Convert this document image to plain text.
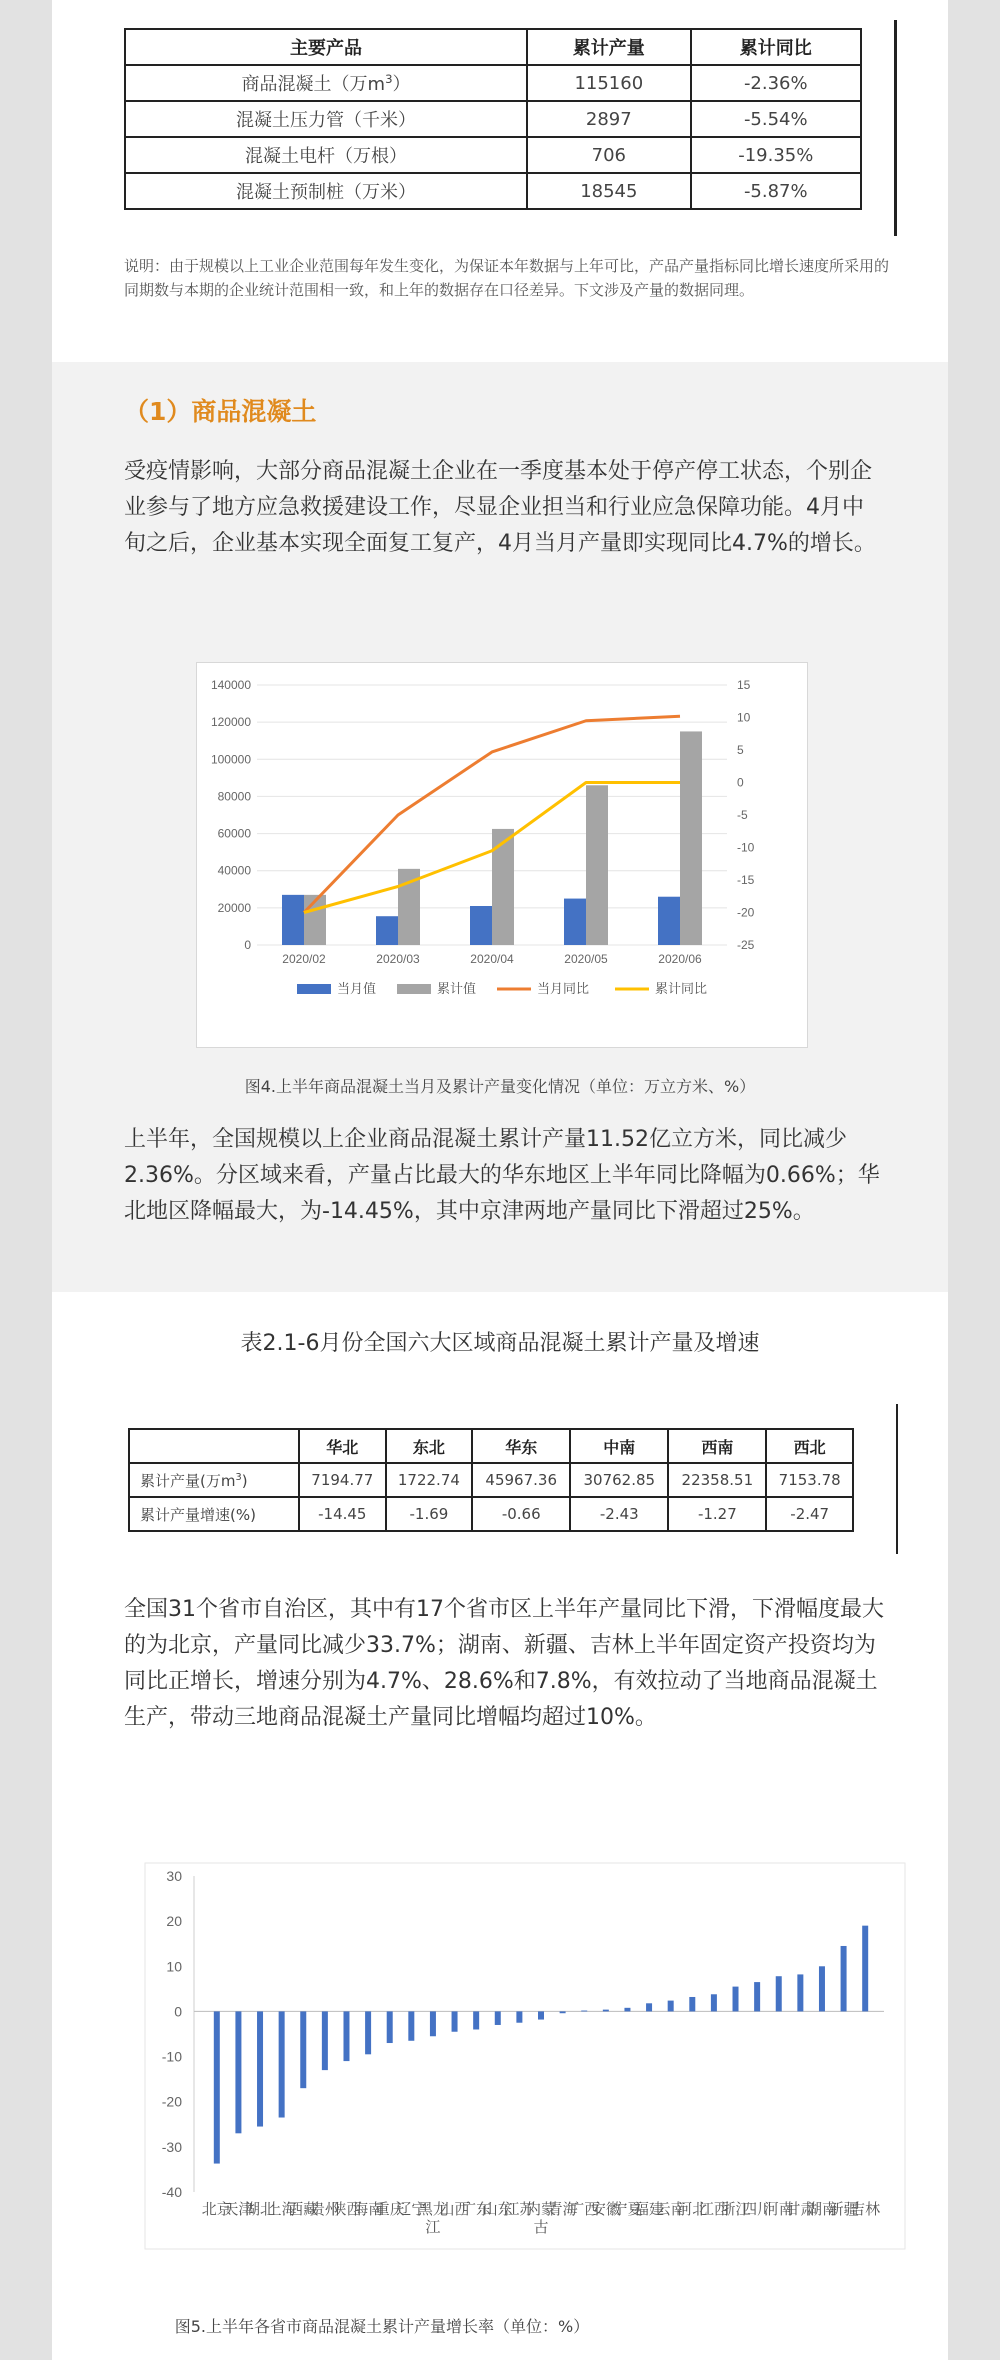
主要产品	累计产量	累计同比
商品混凝土（万$m^3$）	115160	-2.36%
混凝土压力管（千米）	2897	-5.54%
混凝土电杆（万根）	706	-19.35%
混凝土预制桩（万米）	18545	-5.87%
说明：由于规模以上工业企业范围每年发生变化，为保证本年数据与上年可比，产品产量指标同比增长速度所采用的同期数与本期的企业统计范围相一致，和上年的数据存在口径差异。下文涉及产量的数据同理。
（1）商品混凝土
受疫情影响，大部分商品混凝土企业在一季度基本处于停产停工状态，个别企业参与了地方应急救援建设工作，尽显企业担当和行业应急保障功能。4月中旬之后，企业基本实现全面复工复产，4月当月产量即实现同比4.7%的增长。
140000
120000
100000
80000
60000
40000
20000
0
15
10
5
0
-5
-10
-15
-20
-25
2020/02	2020/03	2020/04	2020/05	2020/06
当月值	累计值	当月同比	累计同比
图4.上半年商品混凝土当月及累计产量变化情况（单位：万立方米、%）
上半年，全国规模以上企业商品混凝土累计产量11.52亿立方米，同比减少2.36%。分区域来看，产量占比最大的华东地区上半年同比降幅为0.66%；华北地区降幅最大，为-14.45%，其中京津两地产量同比下滑超过25%。
表2.1-6月份全国六大区域商品混凝土累计产量及增速
	华北	东北	华东	中南	西南	西北
累计产量(万$m^3$)	7194.77	1722.74	45967.36	30762.85	22358.51	7153.78
累计产量增速(%)	-14.45	-1.69	-0.66	-2.43	-1.27	-2.47
全国31个省市自治区，其中有17个省市区上半年产量同比下滑，下滑幅度最大的为北京，产量同比减少33.7%；湖南、新疆、吉林上半年固定资产投资均为同比正增长，增速分别为4.7%、28.6%和7.8%，有效拉动了当地商品混凝土生产，带动三地商品混凝土产量同比增幅均超过10%。
30
20
10
0
-10
-20
-30
-40
北京
天津
湖北
上海
西藏
贵州
陕西
海南
重庆
辽宁
黑龙江
山西
广东
山东
江苏
内蒙古
青海
广西
安徽
宁夏
福建
云南
河北
江西
浙江
四川
河南
甘肃
湖南
新疆
吉林
图5.上半年各省市商品混凝土累计产量增长率（单位：%）
